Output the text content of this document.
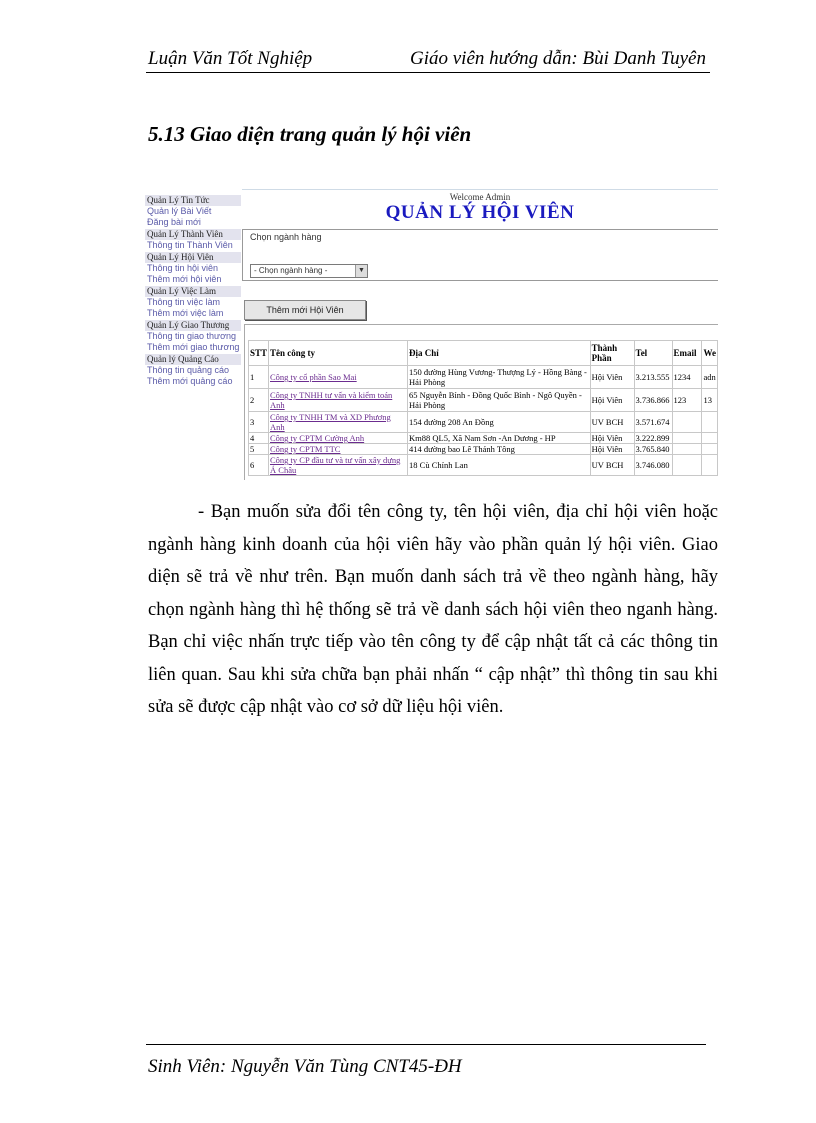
Luận Văn Tốt Nghiệp	Giáo viên hướng dẫn: Bùi Danh Tuyên
5.13 Giao diện trang quản lý hội viên
Quản Lý Tin Tức
Quản lý Bài Viết
Đăng bài mới
Quản Lý Thành Viên
Thông tin Thành Viên
Quản Lý Hội Viên
Thông tin hội viên
Thêm mới hội viên
Quản Lý Việc Làm
Thông tin việc làm
Thêm mới việc làm
Quản Lý Giao Thương
Thông tin giao thương
Thêm mới giao thương
Quản lý Quảng Cáo
Thông tin quảng cáo
Thêm mới quảng cáo
Welcome Admin
QUẢN LÝ HỘI VIÊN
Chọn ngành hàng
- Chọn ngành hàng -	▼
Thêm mới Hội Viên
STT	Tên công ty	Địa Chỉ	Thành Phần	Tel	Email	We
1	Công ty cổ phần Sao Mai	150 đường Hùng Vương- Thượng Lý - Hồng Bàng - Hải Phòng	Hội Viên	3.213.555	1234	adn
2	Công ty TNHH tư vấn và kiểm toán Anh	65 Nguyễn Bỉnh - Đồng Quốc Bình - Ngô Quyền - Hải Phòng	Hội Viên	3.736.866	123	13
3	Công ty TNHH TM và XD Phương Anh	154 đường 208 An Đồng	UV BCH	3.571.674		
4	Công ty CPTM Cường Anh	Km88 QL5, Xã Nam Sơn -An Dương - HP	Hội Viên	3.222.899		
5	Công ty CPTM TTC	414 đường bao Lê Thánh Tông	Hội Viên	3.765.840		
6	Công ty CP đầu tư và tư vấn xây dựng Á Châu	18 Cù Chính Lan	UV BCH	3.746.080		

- Bạn muốn sửa đổi tên công ty, tên hội viên, địa chỉ hội viên hoặc ngành hàng kinh doanh của hội viên hãy vào phần quản lý hội viên. Giao diện sẽ trả về như trên. Bạn muốn danh sách trả về theo ngành hàng, hãy chọn ngành hàng thì hệ thống sẽ trả về danh sách hội viên theo nganh hàng. Bạn chỉ việc nhấn trực tiếp vào tên công ty để cập nhật tất cả các thông tin liên quan. Sau khi sửa chữa bạn phải nhấn “ cập nhật” thì thông tin sau khi sửa sẽ được cập nhật vào cơ sở dữ liệu hội viên.

Sinh Viên: Nguyễn Văn Tùng CNT45-ĐH
